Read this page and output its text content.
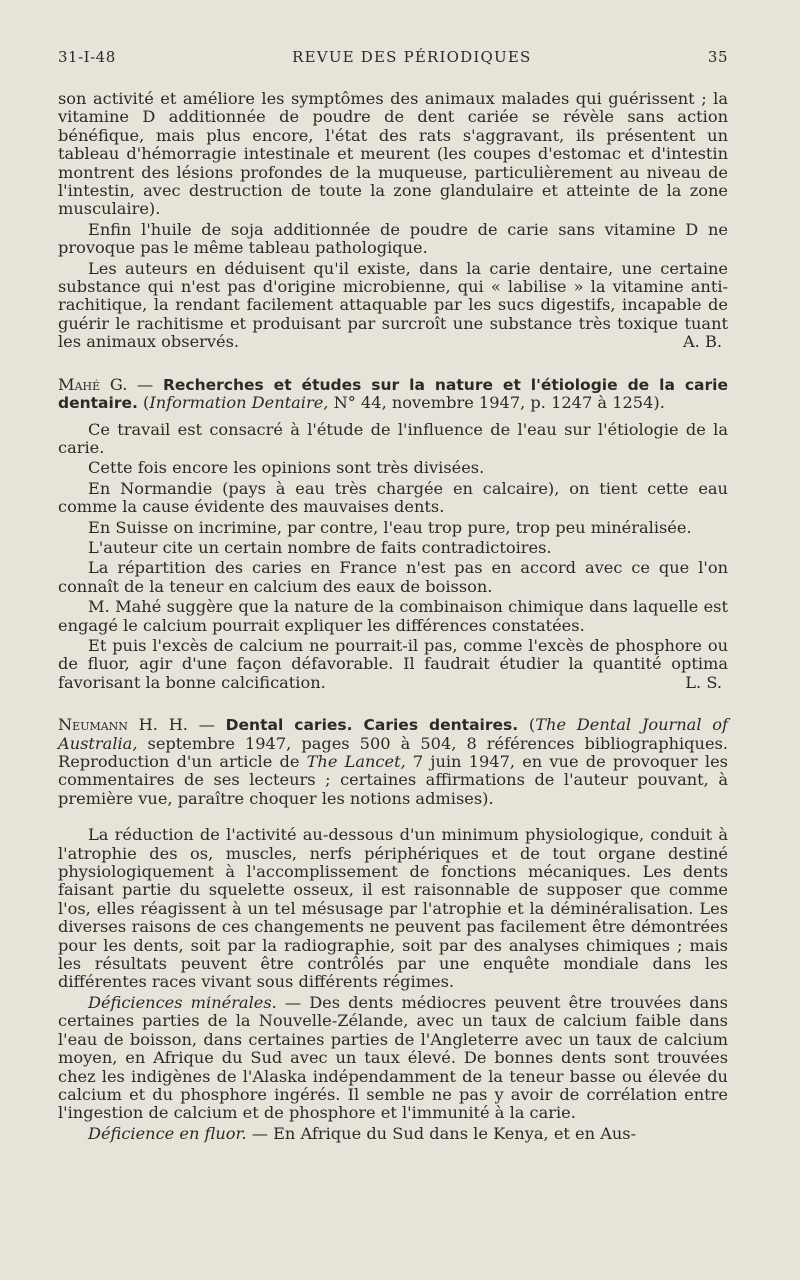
31-I-48	REVUE DES PÉRIODIQUES	35

son activité et améliore les symptômes des animaux malades qui guérissent ; la vitamine D additionnée de poudre de dent cariée se révèle sans action bénéfique, mais plus encore, l'état des rats s'aggravant, ils présentent un tableau d'hémorragie intestinale et meurent (les coupes d'estomac et d'intestin montrent des lésions profondes de la muqueuse, particulièrement au niveau de l'intestin, avec destruction de toute la zone glandulaire et atteinte de la zone musculaire).

Enfin l'huile de soja additionnée de poudre de carie sans vitamine D ne provoque pas le même tableau pathologique.

Les auteurs en déduisent qu'il existe, dans la carie dentaire, une certaine substance qui n'est pas d'origine microbienne, qui « labilise » la vitamine anti-rachitique, la rendant facilement attaquable par les sucs digestifs, incapable de guérir le rachitisme et produisant par surcroît une substance très toxique tuant les animaux observés.	A. B.

Mahé G. — Recherches et études sur la nature et l'étiologie de la carie dentaire. (Information Dentaire, N° 44, novembre 1947, p. 1247 à 1254).

Ce travail est consacré à l'étude de l'influence de l'eau sur l'étiologie de la carie.

Cette fois encore les opinions sont très divisées.

En Normandie (pays à eau très chargée en calcaire), on tient cette eau comme la cause évidente des mauvaises dents.

En Suisse on incrimine, par contre, l'eau trop pure, trop peu minéralisée.

L'auteur cite un certain nombre de faits contradictoires.

La répartition des caries en France n'est pas en accord avec ce que l'on connaît de la teneur en calcium des eaux de boisson.

M. Mahé suggère que la nature de la combinaison chimique dans laquelle est engagé le calcium pourrait expliquer les différences constatées.

Et puis l'excès de calcium ne pourrait-il pas, comme l'excès de phosphore ou de fluor, agir d'une façon défavorable. Il faudrait étudier la quantité optima favorisant la bonne calcification.	L. S.

Neumann H. H. — Dental caries. Caries dentaires. (The Dental Journal of Australia, septembre 1947, pages 500 à 504, 8 références bibliographiques. Reproduction d'un article de The Lancet, 7 juin 1947, en vue de provoquer les commentaires de ses lecteurs ; certaines affirmations de l'auteur pouvant, à première vue, paraître choquer les notions admises).

La réduction de l'activité au-dessous d'un minimum physiologique, conduit à l'atrophie des os, muscles, nerfs périphériques et de tout organe destiné physiologiquement à l'accomplissement de fonctions mécaniques. Les dents faisant partie du squelette osseux, il est raisonnable de supposer que comme l'os, elles réagissent à un tel mésusage par l'atrophie et la déminéralisation. Les diverses raisons de ces changements ne peuvent pas facilement être démontrées pour les dents, soit par la radiographie, soit par des analyses chimiques ; mais les résultats peuvent être contrôlés par une enquête mondiale dans les différentes races vivant sous différents régimes.

Déficiences minérales. — Des dents médiocres peuvent être trouvées dans certaines parties de la Nouvelle-Zélande, avec un taux de calcium faible dans l'eau de boisson, dans certaines parties de l'Angleterre avec un taux de calcium moyen, en Afrique du Sud avec un taux élevé. De bonnes dents sont trouvées chez les indigènes de l'Alaska indépendamment de la teneur basse ou élevée du calcium et du phosphore ingérés. Il semble ne pas y avoir de corrélation entre l'ingestion de calcium et de phosphore et l'immunité à la carie.

Déficience en fluor. — En Afrique du Sud dans le Kenya, et en Aus-
